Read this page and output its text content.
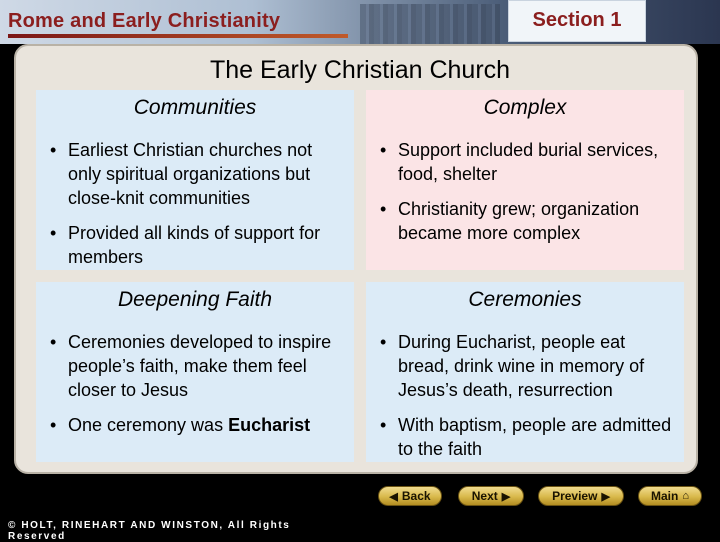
Rome and Early Christianity	Section 1
The Early Christian Church
Communities
• Earliest Christian churches not only spiritual organizations but close-knit communities
• Provided all kinds of support for members
Complex
• Support included burial services, food, shelter
• Christianity grew; organization became more complex
Deepening Faith
• Ceremonies developed to inspire people’s faith, make them feel closer to Jesus
• One ceremony was Eucharist
Ceremonies
• During Eucharist, people eat bread, drink wine in memory of Jesus’s death, resurrection
• With baptism, people are admitted to the faith
◀ Back	Next ▶	Preview ▶	Main ⌂
© HOLT, RINEHART AND WINSTON, All Rights Reserved
